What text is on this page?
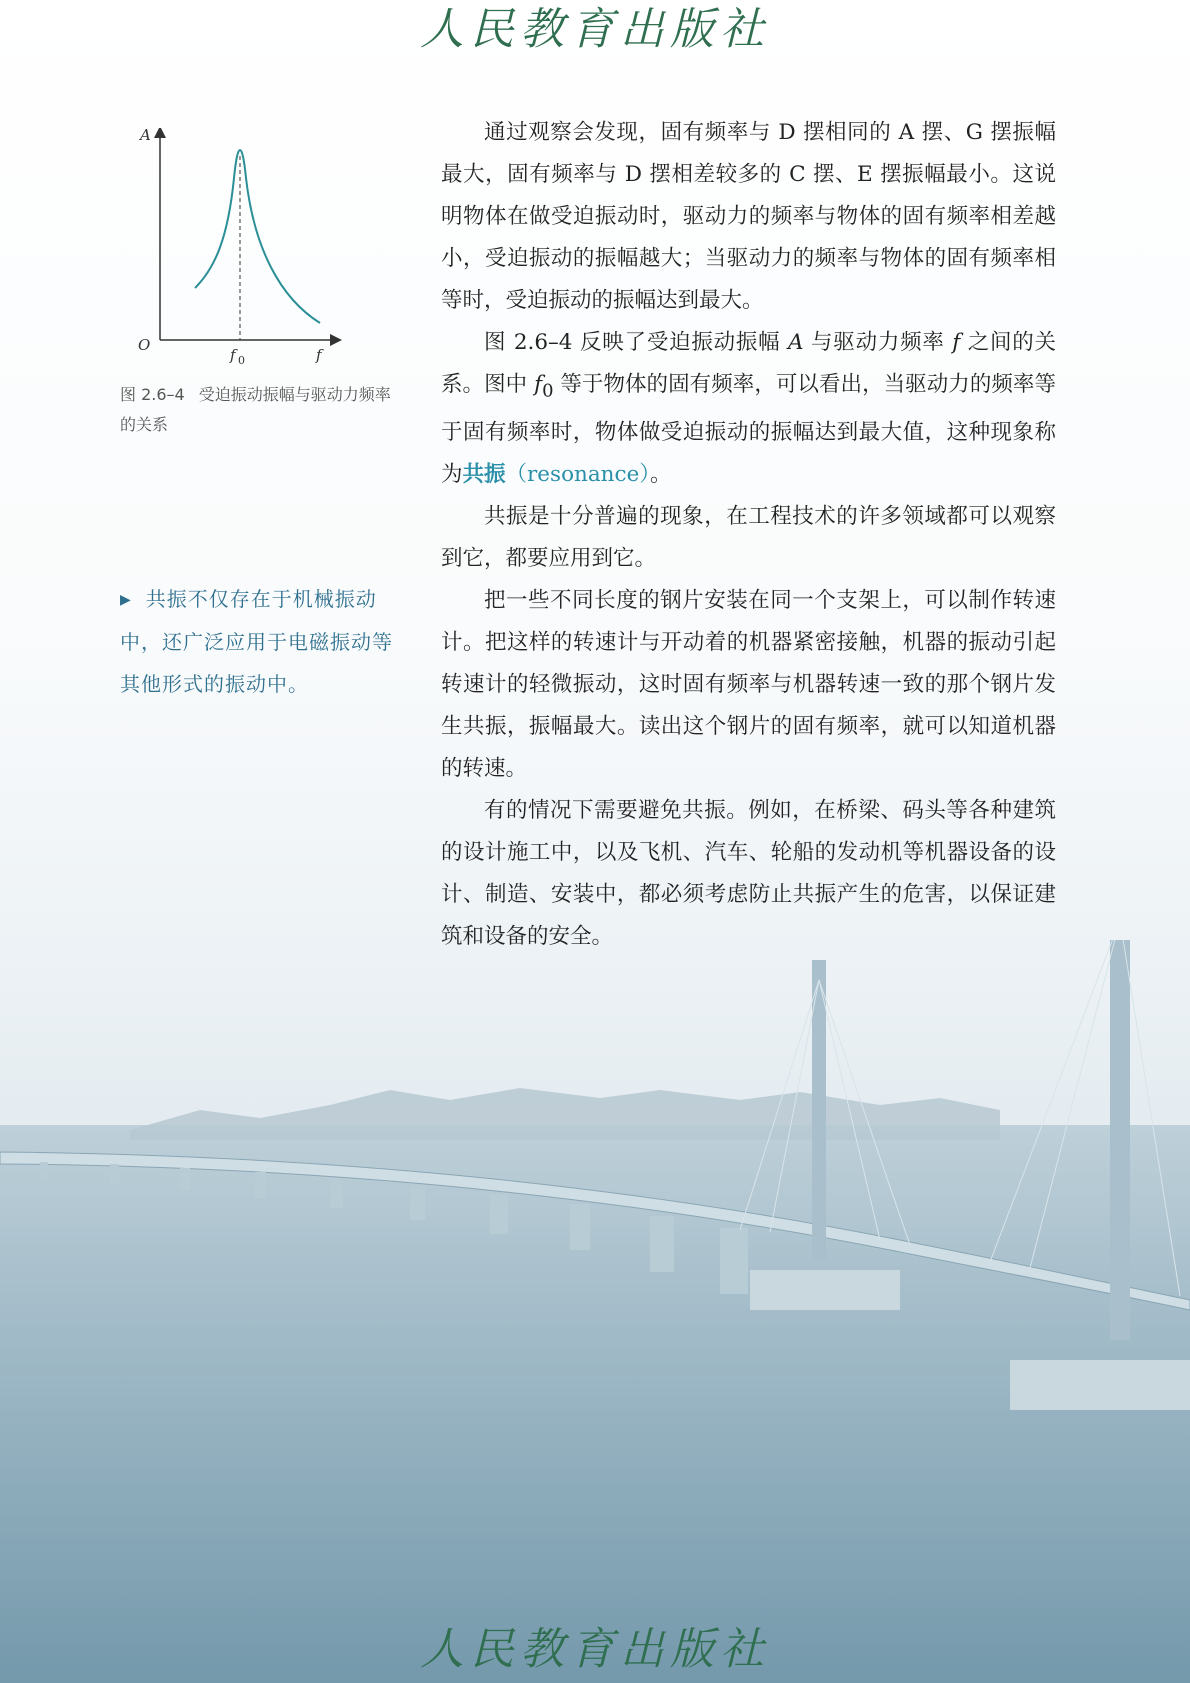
人民教育出版社
A
O
f 0	f
图 2.6–4 受迫振动振幅与驱动力频率的关系
▶ 共振不仅存在于机械振动中，还广泛应用于电磁振动等其他形式的振动中。

通过观察会发现，固有频率与 D 摆相同的 A 摆、G 摆振幅最大，固有频率与 D 摆相差较多的 C 摆、E 摆振幅最小。这说明物体在做受迫振动时，驱动力的频率与物体的固有频率相差越小，受迫振动的振幅越大；当驱动力的频率与物体的固有频率相等时，受迫振动的振幅达到最大。

图 2.6–4 反映了受迫振动振幅 A 与驱动力频率 f 之间的关系。图中 $f_0$ 等于物体的固有频率，可以看出，当驱动力的频率等于固有频率时，物体做受迫振动的振幅达到最大值，这种现象称为共振（resonance）。

共振是十分普遍的现象，在工程技术的许多领域都可以观察到它，都要应用到它。

把一些不同长度的钢片安装在同一个支架上，可以制作转速计。把这样的转速计与开动着的机器紧密接触，机器的振动引起转速计的轻微振动，这时固有频率与机器转速一致的那个钢片发生共振，振幅最大。读出这个钢片的固有频率，就可以知道机器的转速。

有的情况下需要避免共振。例如，在桥梁、码头等各种建筑的设计施工中，以及飞机、汽车、轮船的发动机等机器设备的设计、制造、安装中，都必须考虑防止共振产生的危害，以保证建筑和设备的安全。

人民教育出版社
